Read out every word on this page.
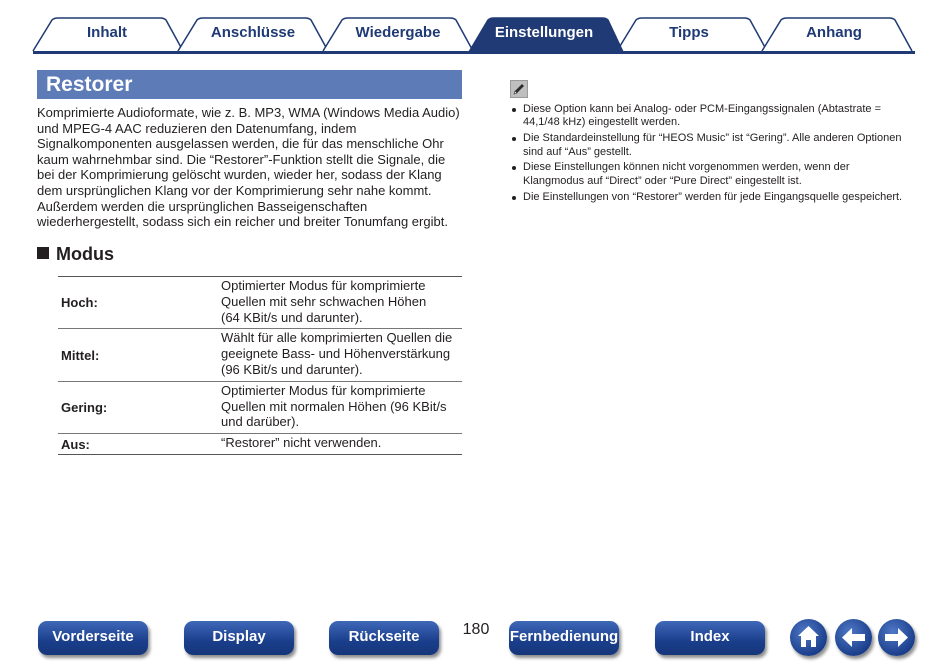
Inhalt	Anschlüsse	Wiedergabe	Einstellungen	Tipps	Anhang
Restorer
Komprimierte Audioformate, wie z. B. MP3, WMA (Windows Media Audio)
und MPEG-4 AAC reduzieren den Datenumfang, indem
Signalkomponenten ausgelassen werden, die für das menschliche Ohr
kaum wahrnehmbar sind. Die “Restorer”-Funktion stellt die Signale, die
bei der Komprimierung gelöscht wurden, wieder her, sodass der Klang
dem ursprünglichen Klang vor der Komprimierung sehr nahe kommt.
Außerdem werden die ursprünglichen Basseigenschaften
wiederhergestellt, sodass sich ein reicher und breiter Tonumfang ergibt.
Modus
Hoch:
Optimierter Modus für komprimierte
Quellen mit sehr schwachen Höhen
(64 KBit/s und darunter).
Mittel:
Wählt für alle komprimierten Quellen die
geeignete Bass- und Höhenverstärkung
(96 KBit/s und darunter).
Gering:
Optimierter Modus für komprimierte
Quellen mit normalen Höhen (96 KBit/s
und darüber).
Aus:	“Restorer” nicht verwenden.
Diese Option kann bei Analog- oder PCM-Eingangssignalen (Abtastrate =
44,1/48 kHz) eingestellt werden.
Die Standardeinstellung für “HEOS Music” ist “Gering”. Alle anderen Optionen
sind auf “Aus” gestellt.
Diese Einstellungen können nicht vorgenommen werden, wenn der
Klangmodus auf “Direct” oder “Pure Direct” eingestellt ist.
Die Einstellungen von “Restorer” werden für jede Eingangsquelle gespeichert.
Vorderseite	Display	Rückseite	180	Fernbedienung	Index
